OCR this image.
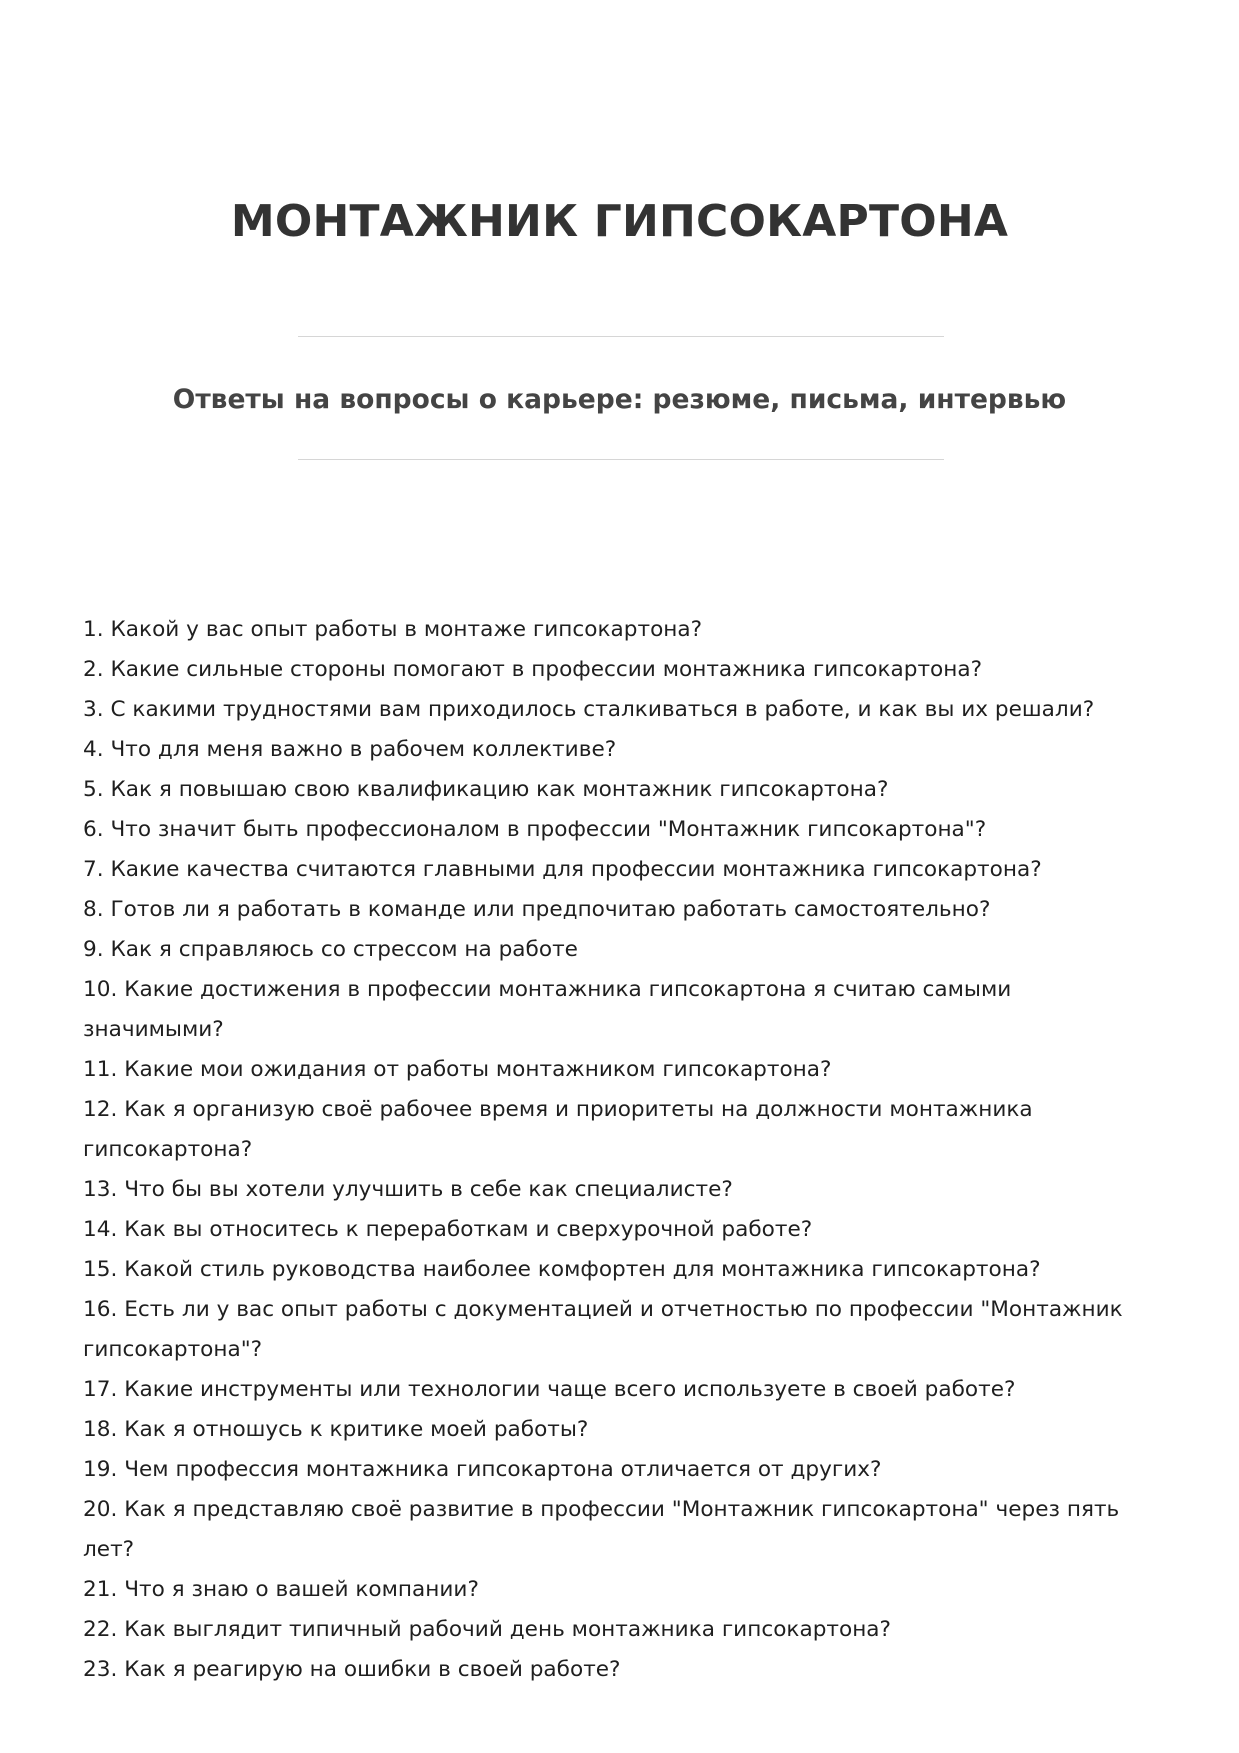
МОНТАЖНИК ГИПСОКАРТОНА
Ответы на вопросы о карьере: резюме, письма, интервью
1. Какой у вас опыт работы в монтаже гипсокартона?
2. Какие сильные стороны помогают в профессии монтажника гипсокартона?
3. С какими трудностями вам приходилось сталкиваться в работе, и как вы их решали?
4. Что для меня важно в рабочем коллективе?
5. Как я повышаю свою квалификацию как монтажник гипсокартона?
6. Что значит быть профессионалом в профессии "Монтажник гипсокартона"?
7. Какие качества считаются главными для профессии монтажника гипсокартона?
8. Готов ли я работать в команде или предпочитаю работать самостоятельно?
9. Как я справляюсь со стрессом на работе
10. Какие достижения в профессии монтажника гипсокартона я считаю самыми значимыми?
11. Какие мои ожидания от работы монтажником гипсокартона?
12. Как я организую своё рабочее время и приоритеты на должности монтажника гипсокартона?
13. Что бы вы хотели улучшить в себе как специалисте?
14. Как вы относитесь к переработкам и сверхурочной работе?
15. Какой стиль руководства наиболее комфортен для монтажника гипсокартона?
16. Есть ли у вас опыт работы с документацией и отчетностью по профессии "Монтажник гипсокартона"?
17. Какие инструменты или технологии чаще всего используете в своей работе?
18. Как я отношусь к критике моей работы?
19. Чем профессия монтажника гипсокартона отличается от других?
20. Как я представляю своё развитие в профессии "Монтажник гипсокартона" через пять лет?
21. Что я знаю о вашей компании?
22. Как выглядит типичный рабочий день монтажника гипсокартона?
23. Как я реагирую на ошибки в своей работе?
